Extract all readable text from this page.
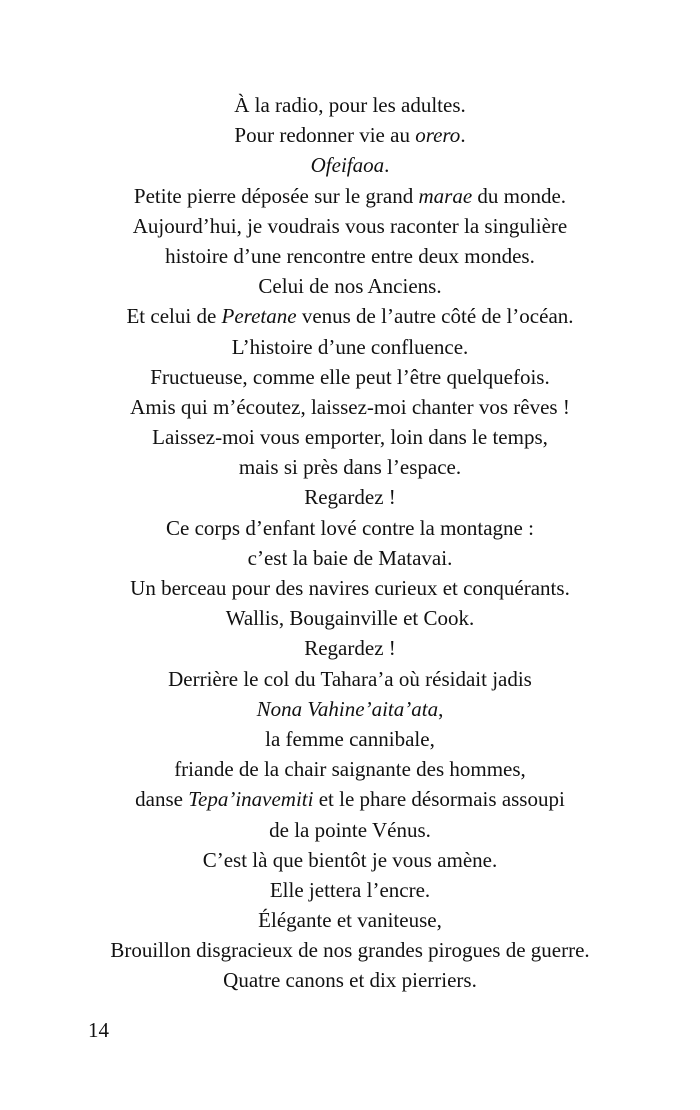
À la radio, pour les adultes.
Pour redonner vie au orero.
Ofeifaoa.
Petite pierre déposée sur le grand marae du monde.
Aujourd’hui, je voudrais vous raconter la singulière
histoire d’une rencontre entre deux mondes.
Celui de nos Anciens.
Et celui de Peretane venus de l’autre côté de l’océan.
L’histoire d’une confluence.
Fructueuse, comme elle peut l’être quelquefois.
Amis qui m’écoutez, laissez-moi chanter vos rêves !
Laissez-moi vous emporter, loin dans le temps,
mais si près dans l’espace.
Regardez !
Ce corps d’enfant lové contre la montagne :
c’est la baie de Matavai.
Un berceau pour des navires curieux et conquérants.
Wallis, Bougainville et Cook.
Regardez !
Derrière le col du Tahara’a où résidait jadis
Nona Vahine’aita’ata,
la femme cannibale,
friande de la chair saignante des hommes,
danse Tepa’inavemiti et le phare désormais assoupi
de la pointe Vénus.
C’est là que bientôt je vous amène.
Elle jettera l’encre.
Élégante et vaniteuse,
Brouillon disgracieux de nos grandes pirogues de guerre.
Quatre canons et dix pierriers.
14
